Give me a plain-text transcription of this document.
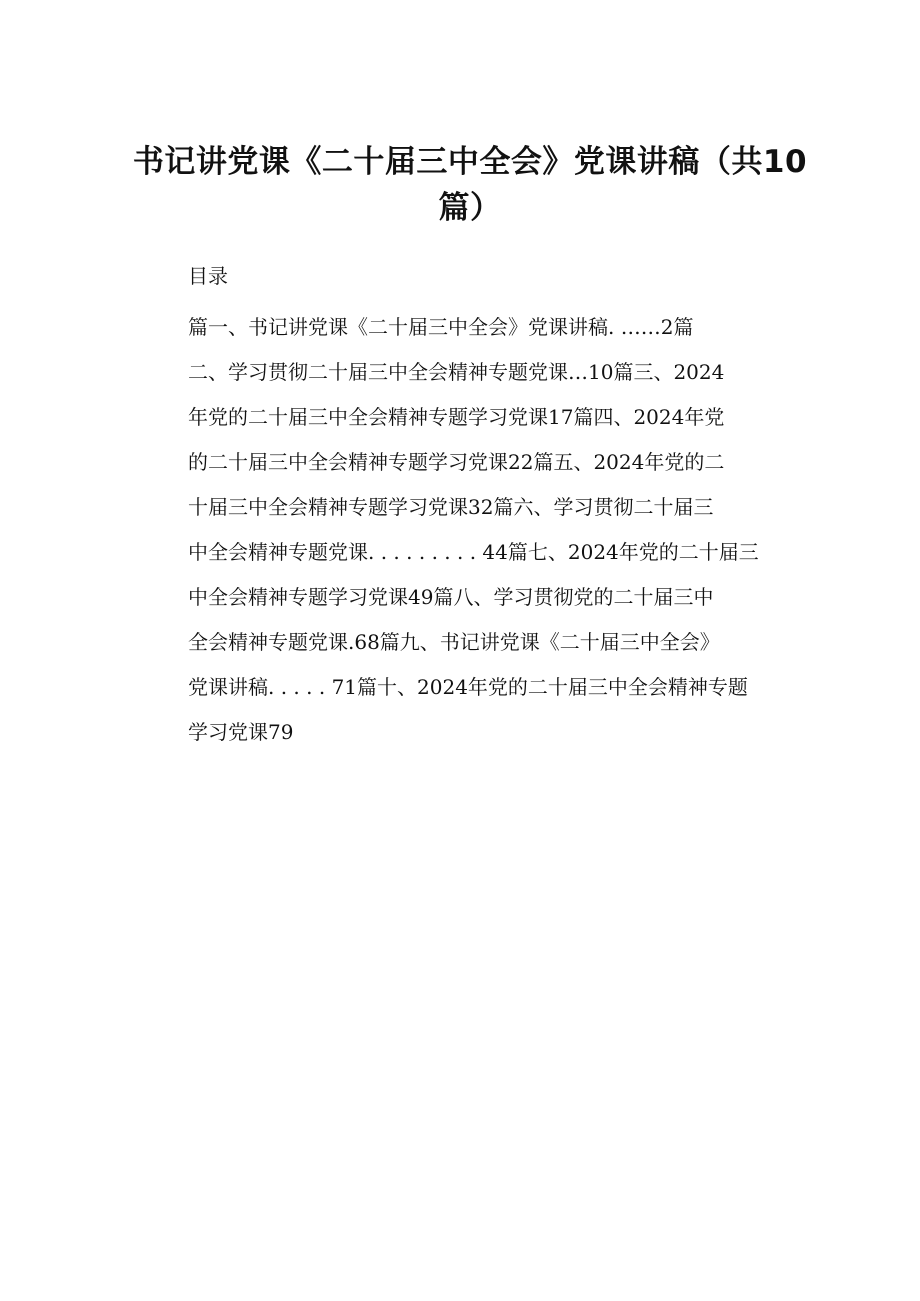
书记讲党课《二十届三中全会》党课讲稿（共10篇）
目录
篇一、书记讲党课《二十届三中全会》党课讲稿. ……2篇
二、学习贯彻二十届三中全会精神专题党课…10篇三、2024
年党的二十届三中全会精神专题学习党课17篇四、2024年党
的二十届三中全会精神专题学习党课22篇五、2024年党的二
十届三中全会精神专题学习党课32篇六、学习贯彻二十届三
中全会精神专题党课. . . . . . . . . 44篇七、2024年党的二十届三
中全会精神专题学习党课49篇八、学习贯彻党的二十届三中
全会精神专题党课.68篇九、书记讲党课《二十届三中全会》
党课讲稿. . . . . 71篇十、2024年党的二十届三中全会精神专题
学习党课79
